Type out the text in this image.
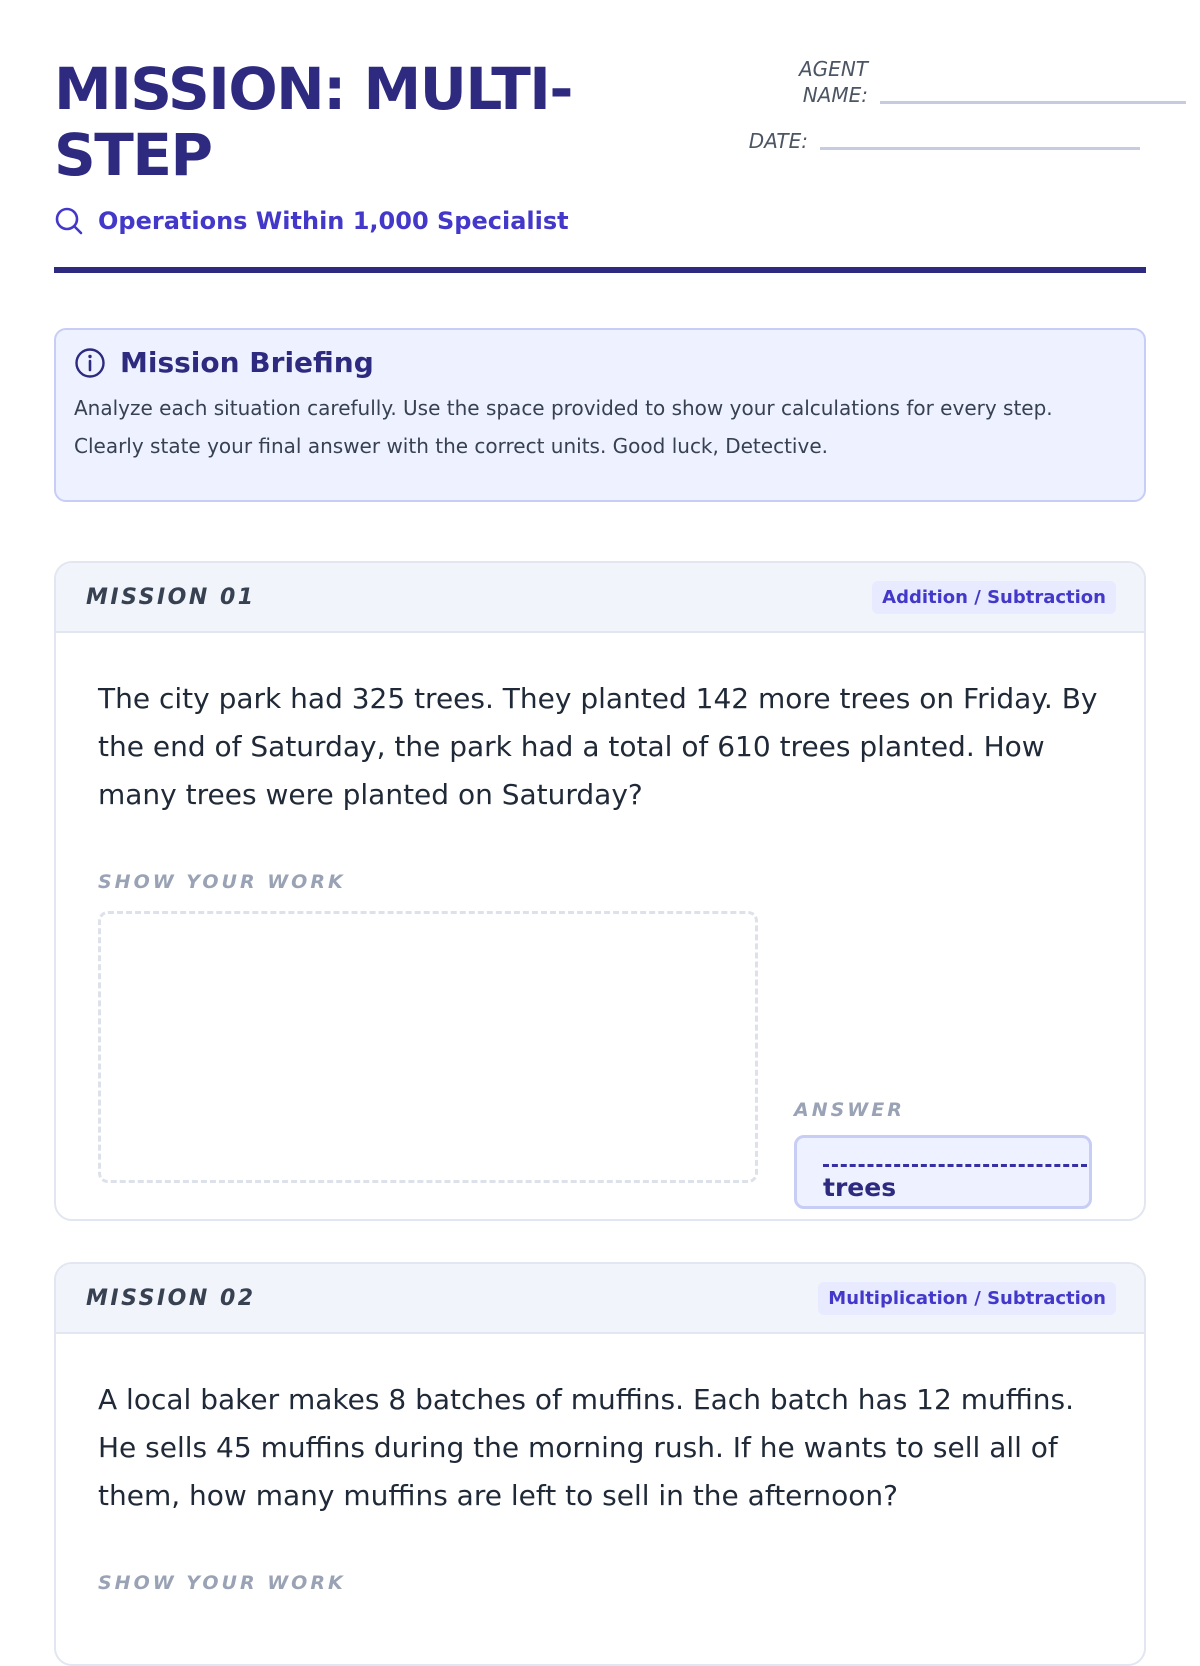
MISSION: MULTI-STEP
AGENT NAME:
DATE:
Operations Within 1,000 Specialist
Mission Briefing
Analyze each situation carefully. Use the space provided to show your calculations for every step. Clearly state your final answer with the correct units. Good luck, Detective.
MISSION 01	Addition / Subtraction

The city park had 325 trees. They planted 142 more trees on Friday. By the end of Saturday, the park had a total of 610 trees planted. How many trees were planted on Saturday?

SHOW YOUR WORK
ANSWER
trees
MISSION 02	Multiplication / Subtraction

A local baker makes 8 batches of muffins. Each batch has 12 muffins. He sells 45 muffins during the morning rush. If he wants to sell all of them, how many muffins are left to sell in the afternoon?

SHOW YOUR WORK
